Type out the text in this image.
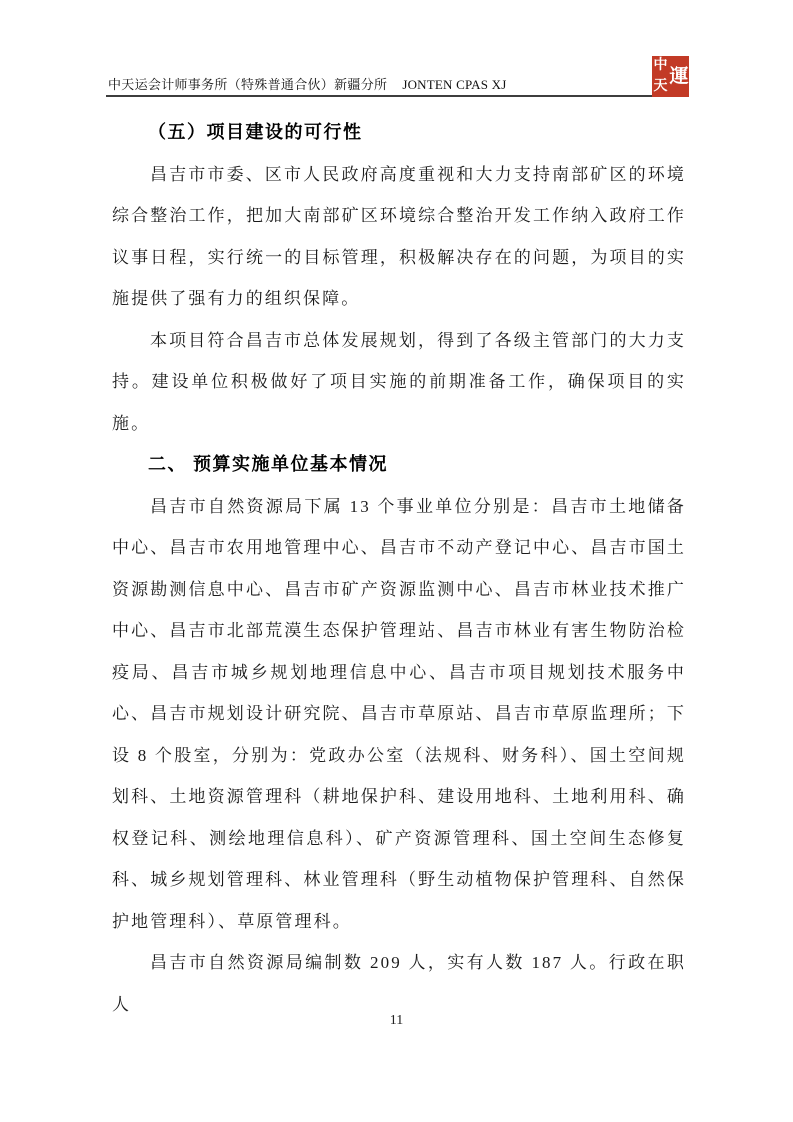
中天运会计师事务所（特殊普通合伙）新疆分所 JONTEN CPAS XJ
中
天 運
（五）项目建设的可行性

昌吉市市委、区市人民政府高度重视和大力支持南部矿区的环境综合整治工作，把加大南部矿区环境综合整治开发工作纳入政府工作议事日程，实行统一的目标管理，积极解决存在的问题，为项目的实施提供了强有力的组织保障。

本项目符合昌吉市总体发展规划，得到了各级主管部门的大力支持。建设单位积极做好了项目实施的前期准备工作，确保项目的实施。

二、 预算实施单位基本情况

昌吉市自然资源局下属 13 个事业单位分别是：昌吉市土地储备中心、昌吉市农用地管理中心、昌吉市不动产登记中心、昌吉市国土资源勘测信息中心、昌吉市矿产资源监测中心、昌吉市林业技术推广中心、昌吉市北部荒漠生态保护管理站、昌吉市林业有害生物防治检疫局、昌吉市城乡规划地理信息中心、昌吉市项目规划技术服务中心、昌吉市规划设计研究院、昌吉市草原站、昌吉市草原监理所；下设 8 个股室，分别为：党政办公室（法规科、财务科）、国土空间规划科、土地资源管理科（耕地保护科、建设用地科、土地利用科、确权登记科、测绘地理信息科）、矿产资源管理科、国土空间生态修复科、城乡规划管理科、林业管理科（野生动植物保护管理科、自然保护地管理科）、草原管理科。

昌吉市自然资源局编制数 209 人，实有人数 187 人。行政在职人

11
